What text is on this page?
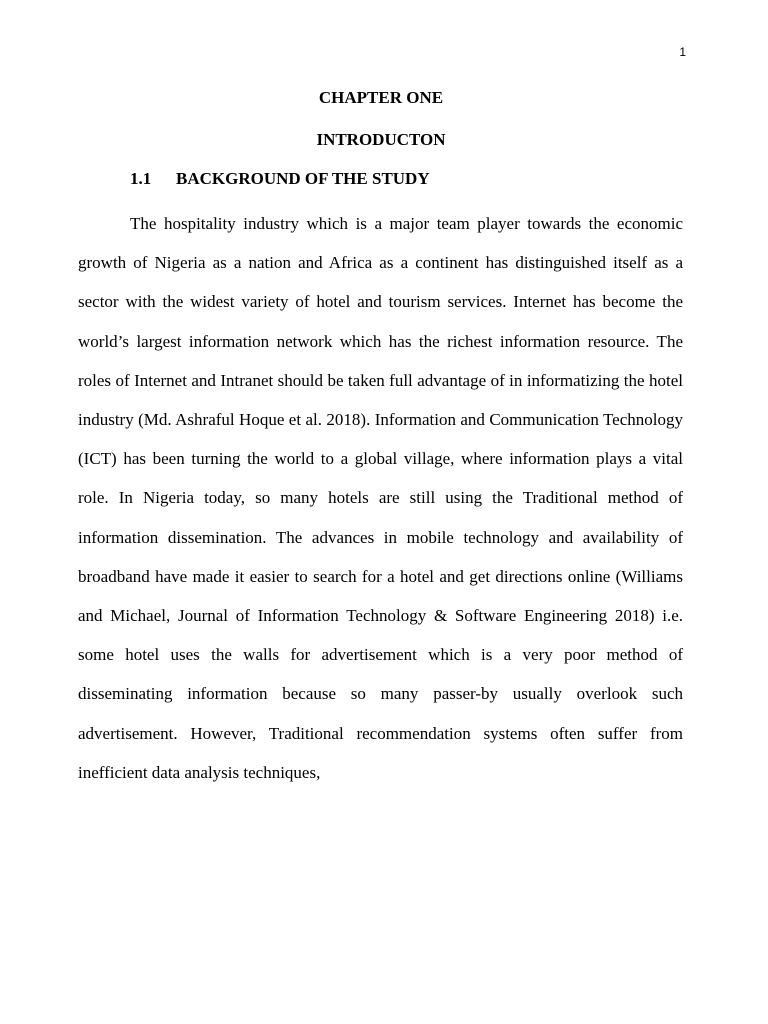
1
CHAPTER ONE
INTRODUCTON
1.1 BACKGROUND OF THE STUDY

The hospitality industry which is a major team player towards the economic growth of Nigeria as a nation and Africa as a continent has distinguished itself as a sector with the widest variety of hotel and tourism services. Internet has become the world’s largest information network which has the richest information resource. The roles of Internet and Intranet should be taken full advantage of in informatizing the hotel industry (Md. Ashraful Hoque et al. 2018). Information and Communication Technology (ICT) has been turning the world to a global village, where information plays a vital role. In Nigeria today, so many hotels are still using the Traditional method of information dissemination. The advances in mobile technology and availability of broadband have made it easier to search for a hotel and get directions online (Williams and Michael, Journal of Information Technology & Software Engineering 2018) i.e. some hotel uses the walls for advertisement which is a very poor method of disseminating information because so many passer-by usually overlook such advertisement. However, Traditional recommendation systems often suffer from inefficient data analysis techniques,
